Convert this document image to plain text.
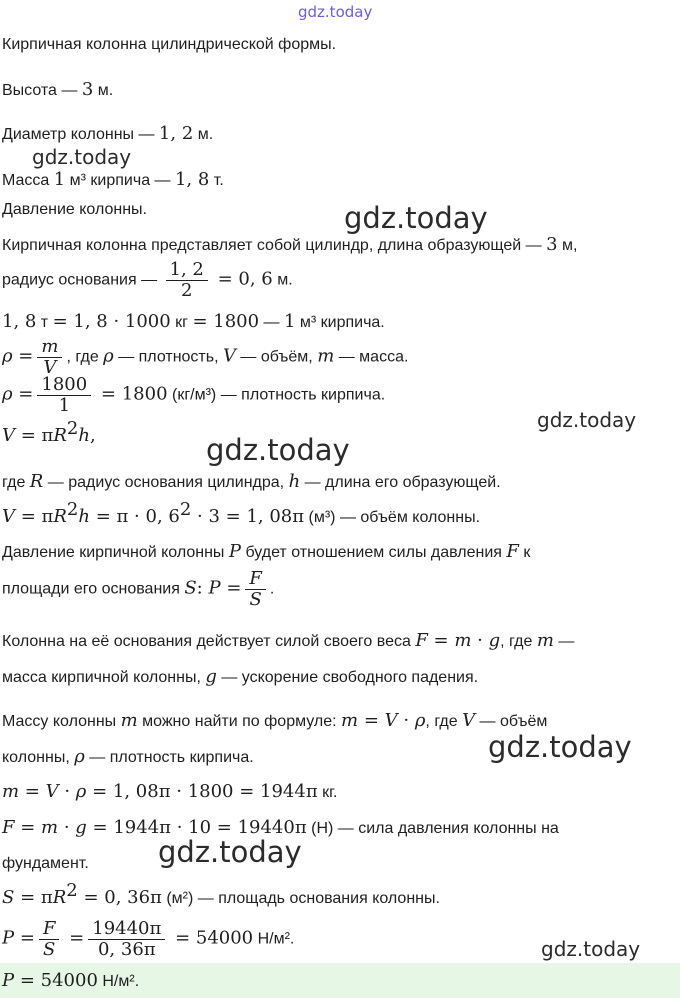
gdz.today
gdz.today
gdz.today
gdz.today
gdz.today
gdz.today
gdz.today
gdz.today
Кирпичная колонна цилиндрической формы.
Высота — 3 м.
Диаметр колонны — 1, 2 м.
Масса 1 м³ кирпича — 1, 8 т.
Давление колонны.
Кирпичная колонна представляет собой цилиндр, длина образующей — 3 м,
радиус основания — $\frac{1, 2}{2} = 0$, 6 м.
1, 8 т = 1, 8 · 1000 кг = 1800 — 1 м³ кирпича.
$\rho = \frac{m}{V}$ , где ρ — плотность, V — объём, m — масса.
$\rho = \frac{1800}{1} = 1800$ (кг/м³) — плотность кирпича.
$V = \pi R^2h$,
где R — радиус основания цилиндра, h — длина его образующей.
$V = \pi R^2h = \pi \cdot 0$, $6^2 \cdot 3 = 1$, 08π (м³) — объём колонны.
Давление кирпичной колонны P будет отношением силы давления F к
площади его основания S: $P = \frac{F}{S}$ .
Колонна на её основания действует силой своего веса F = m · g, где m —
масса кирпичной колонны, g — ускорение свободного падения.
Массу колонны m можно найти по формуле: m = V · ρ, где V — объём
колонны, ρ — плотность кирпича.
m = V · ρ = 1, 08π · 1800 = 1944π кг.
F = m · g = 1944π · 10 = 19440π (Н) — сила давления колонны на
фундамент.
$S = \pi R^2 = 0$, 36π (м²) — площадь основания колонны.
$P = \frac{F}{S} = \frac{19440\pi}{0, 36\pi} = 54000$ Н/м².
P = 54000 Н/м².
